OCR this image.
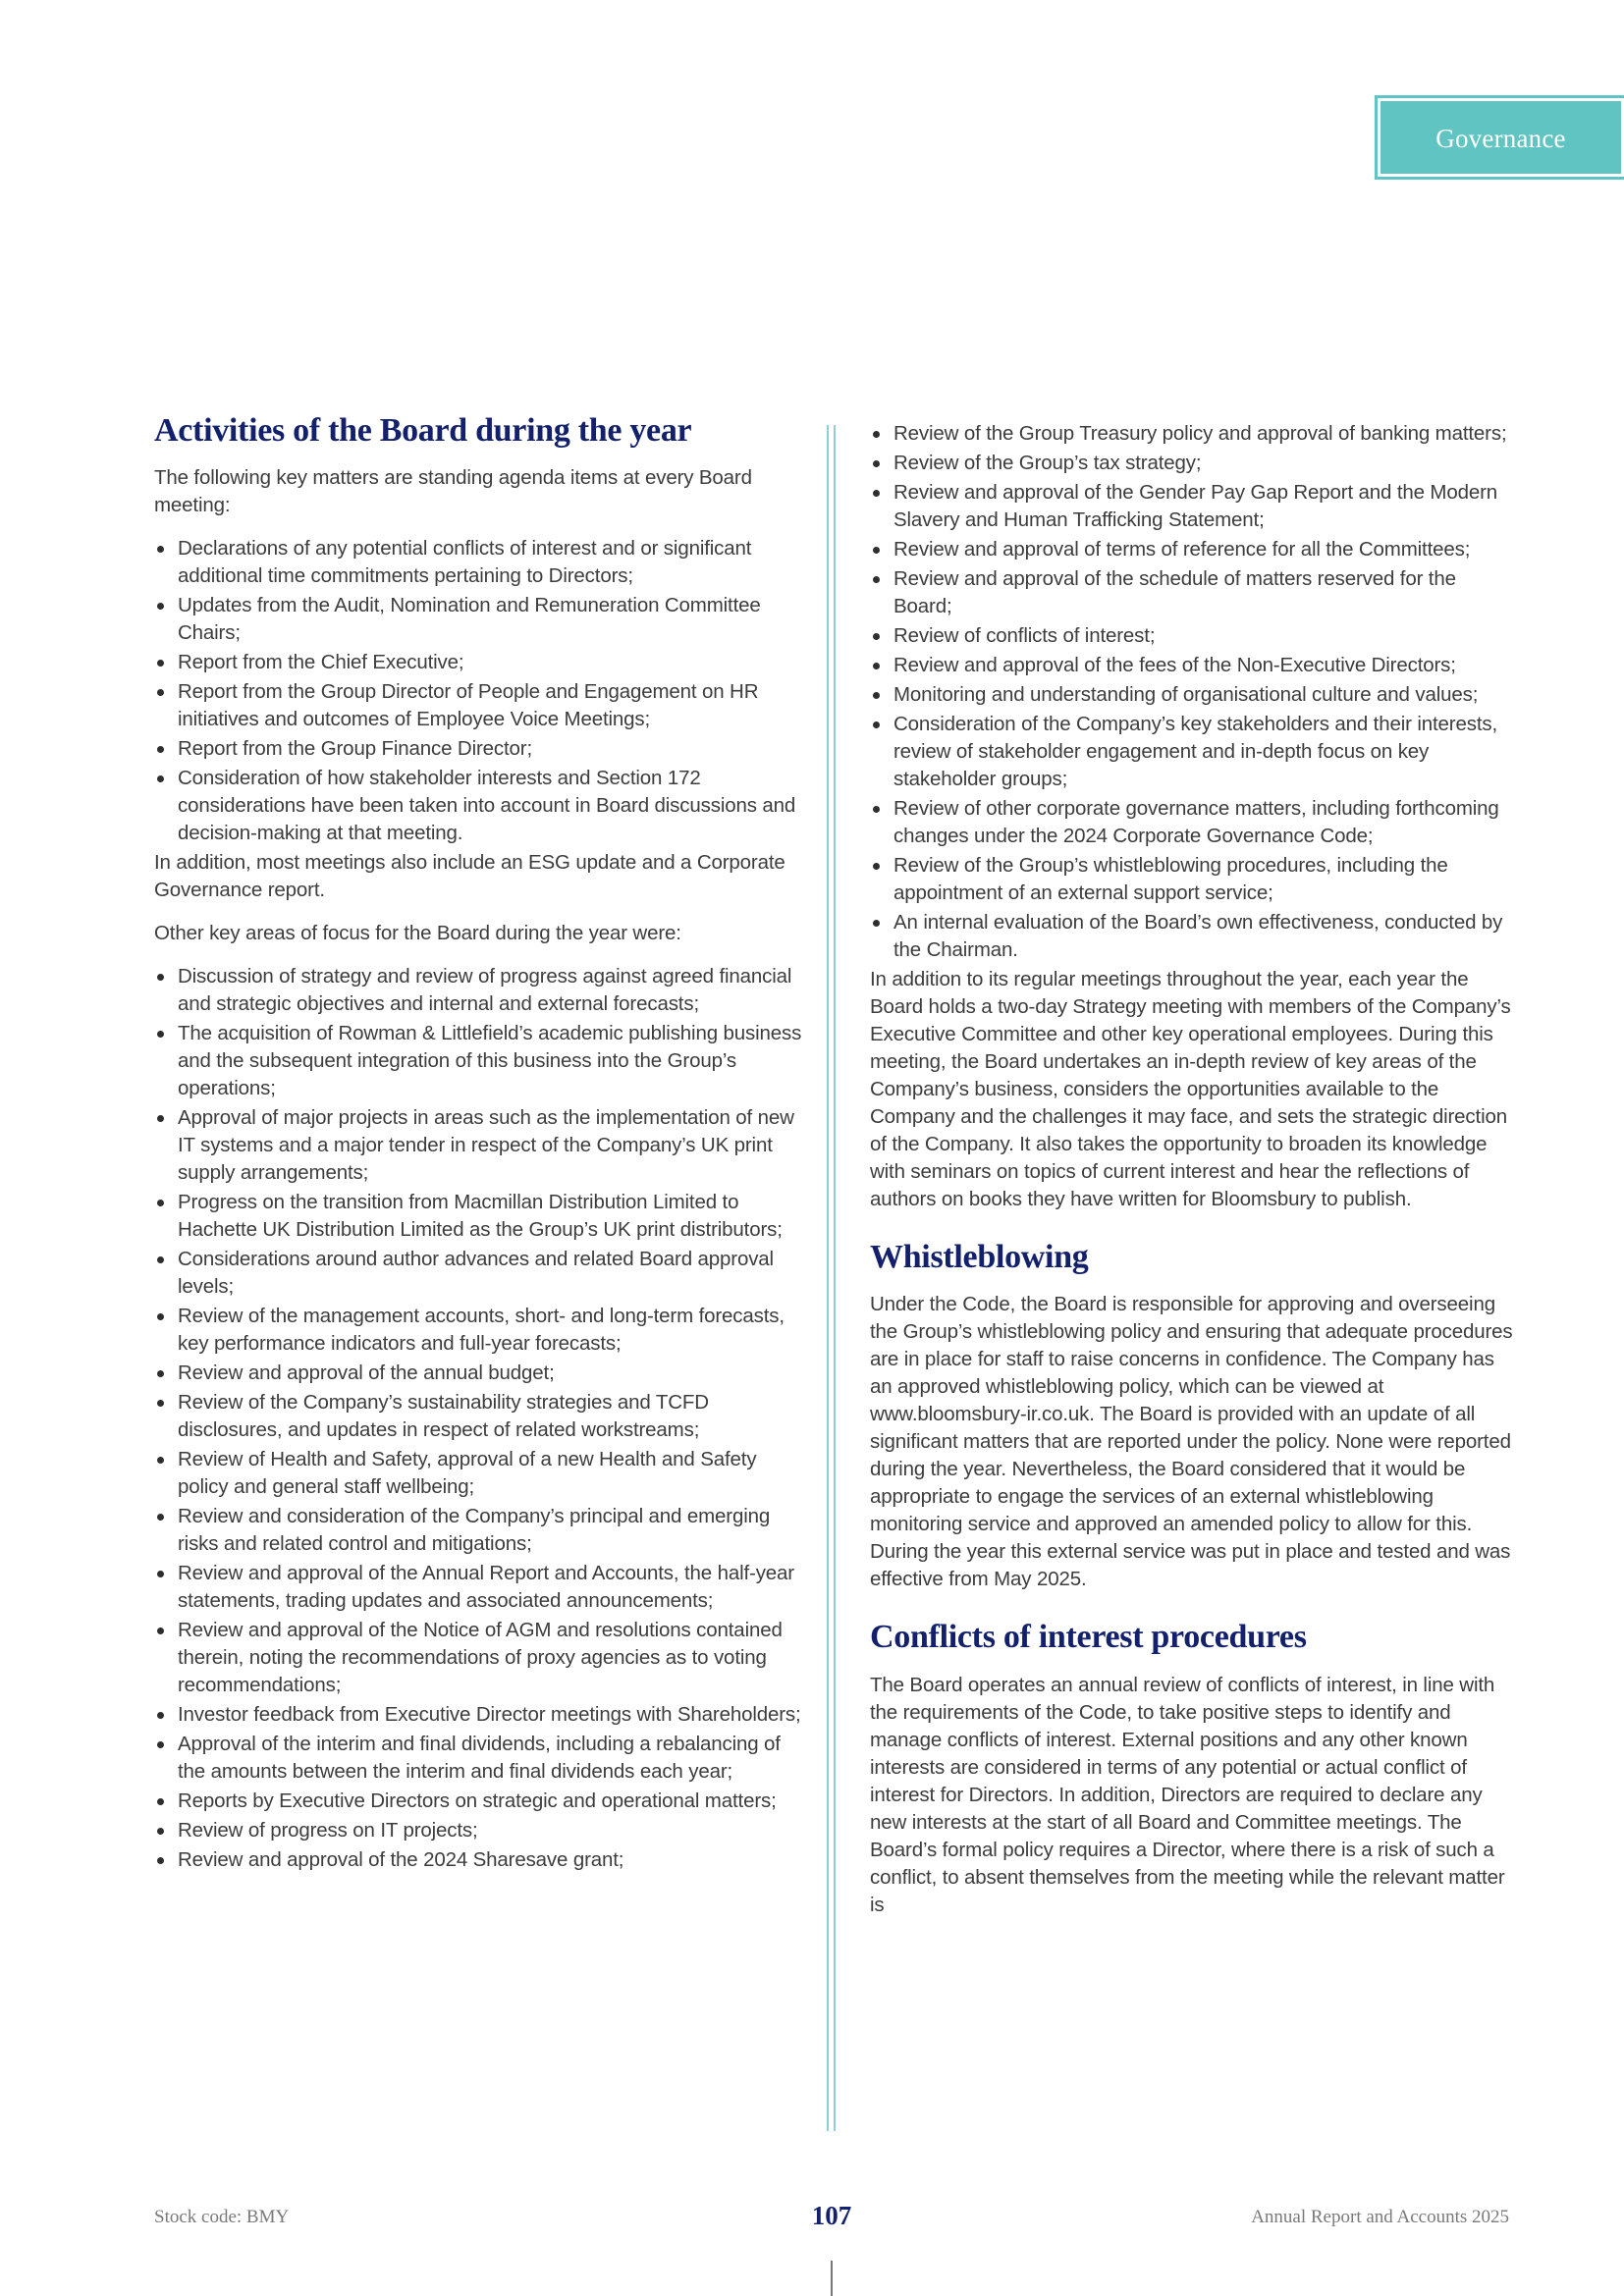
Governance
Activities of the Board during the year

The following key matters are standing agenda items at every Board meeting:

Declarations of any potential conflicts of interest and or significant additional time commitments pertaining to Directors;
Updates from the Audit, Nomination and Remuneration Committee Chairs;
Report from the Chief Executive;
Report from the Group Director of People and Engagement on HR initiatives and outcomes of Employee Voice Meetings;
Report from the Group Finance Director;
Consideration of how stakeholder interests and Section 172 considerations have been taken into account in Board discussions and decision-making at that meeting.

In addition, most meetings also include an ESG update and a Corporate Governance report.

Other key areas of focus for the Board during the year were:

Discussion of strategy and review of progress against agreed financial and strategic objectives and internal and external forecasts;
The acquisition of Rowman & Littlefield’s academic publishing business and the subsequent integration of this business into the Group’s operations;
Approval of major projects in areas such as the implementation of new IT systems and a major tender in respect of the Company’s UK print supply arrangements;
Progress on the transition from Macmillan Distribution Limited to Hachette UK Distribution Limited as the Group’s UK print distributors;
Considerations around author advances and related Board approval levels;
Review of the management accounts, short- and long-term forecasts, key performance indicators and full-year forecasts;
Review and approval of the annual budget;
Review of the Company’s sustainability strategies and TCFD disclosures, and updates in respect of related workstreams;
Review of Health and Safety, approval of a new Health and Safety policy and general staff wellbeing;
Review and consideration of the Company’s principal and emerging risks and related control and mitigations;
Review and approval of the Annual Report and Accounts, the half-year statements, trading updates and associated announcements;
Review and approval of the Notice of AGM and resolutions contained therein, noting the recommendations of proxy agencies as to voting recommendations;
Investor feedback from Executive Director meetings with Shareholders;
Approval of the interim and final dividends, including a rebalancing of the amounts between the interim and final dividends each year;
Reports by Executive Directors on strategic and operational matters;
Review of progress on IT projects;
Review and approval of the 2024 Sharesave grant;
Review of the Group Treasury policy and approval of banking matters;
Review of the Group’s tax strategy;
Review and approval of the Gender Pay Gap Report and the Modern Slavery and Human Trafficking Statement;
Review and approval of terms of reference for all the Committees;
Review and approval of the schedule of matters reserved for the Board;
Review of conflicts of interest;
Review and approval of the fees of the Non-Executive Directors;
Monitoring and understanding of organisational culture and values;
Consideration of the Company’s key stakeholders and their interests, review of stakeholder engagement and in-depth focus on key stakeholder groups;
Review of other corporate governance matters, including forthcoming changes under the 2024 Corporate Governance Code;
Review of the Group’s whistleblowing procedures, including the appointment of an external support service;
An internal evaluation of the Board’s own effectiveness, conducted by the Chairman.

In addition to its regular meetings throughout the year, each year the Board holds a two-day Strategy meeting with members of the Company’s Executive Committee and other key operational employees. During this meeting, the Board undertakes an in-depth review of key areas of the Company’s business, considers the opportunities available to the Company and the challenges it may face, and sets the strategic direction of the Company. It also takes the opportunity to broaden its knowledge with seminars on topics of current interest and hear the reflections of authors on books they have written for Bloomsbury to publish.

Whistleblowing

Under the Code, the Board is responsible for approving and overseeing the Group’s whistleblowing policy and ensuring that adequate procedures are in place for staff to raise concerns in confidence. The Company has an approved whistleblowing policy, which can be viewed at www.bloomsbury-ir.co.uk. The Board is provided with an update of all significant matters that are reported under the policy. None were reported during the year. Nevertheless, the Board considered that it would be appropriate to engage the services of an external whistleblowing monitoring service and approved an amended policy to allow for this. During the year this external service was put in place and tested and was effective from May 2025.

Conflicts of interest procedures

The Board operates an annual review of conflicts of interest, in line with the requirements of the Code, to take positive steps to identify and manage conflicts of interest. External positions and any other known interests are considered in terms of any potential or actual conflict of interest for Directors. In addition, Directors are required to declare any new interests at the start of all Board and Committee meetings. The Board’s formal policy requires a Director, where there is a risk of such a conflict, to absent themselves from the meeting while the relevant matter is

Stock code: BMY	107	Annual Report and Accounts 2025
